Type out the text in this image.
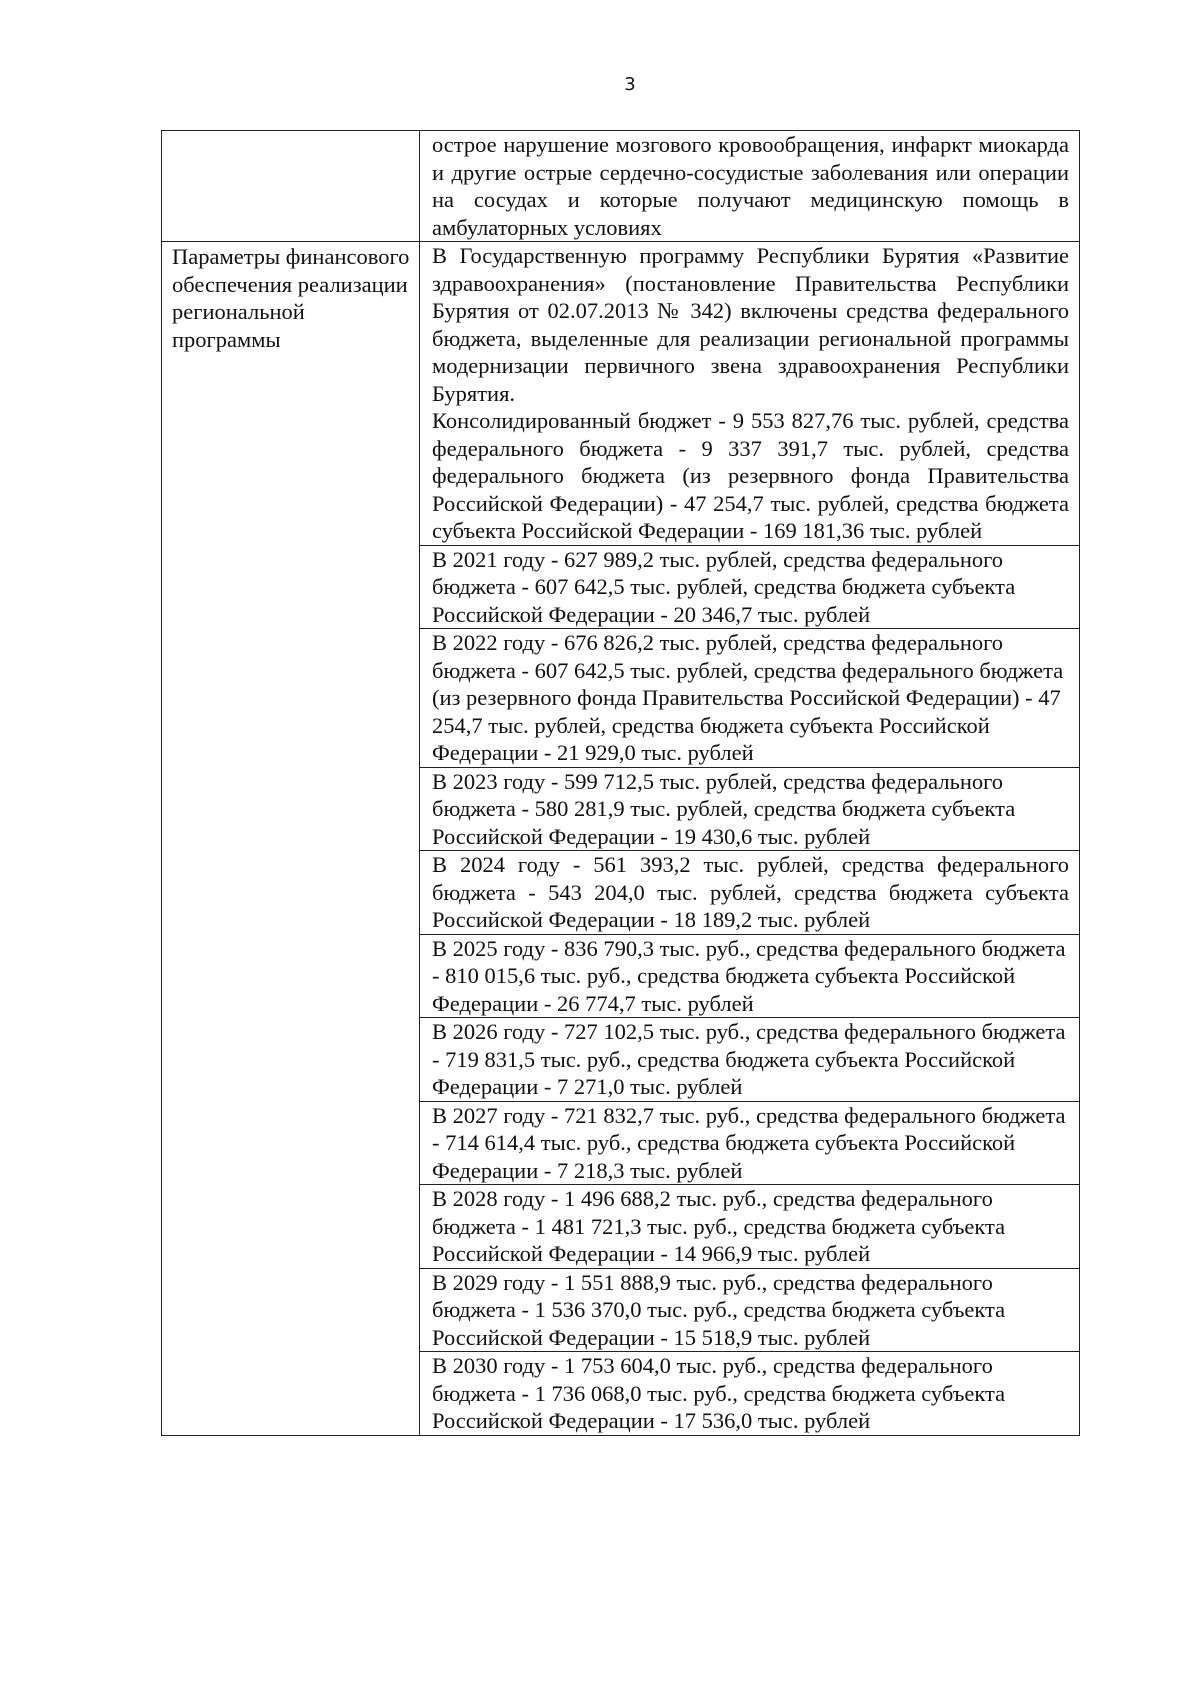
3

	острое нарушение мозгового кровообращения, инфаркт миокарда и другие острые сердечно-сосудистые заболевания или операции на сосудах и которые получают медицинскую помощь в амбулаторных условиях

Параметры финансового обеспечения реализации региональной программы	В Государственную программу Республики Бурятия «Развитие здравоохранения» (постановление Правительства Республики Бурятия от 02.07.2013 № 342) включены средства федерального бюджета, выделенные для реализации региональной программы модернизации первичного звена здравоохранения Республики Бурятия.

Консолидированный бюджет - 9 553 827,76 тыс. рублей, средства федерального бюджета - 9 337 391,7 тыс. рублей, средства федерального бюджета (из резервного фонда Правительства Российской Федерации) - 47 254,7 тыс. рублей, средства бюджета субъекта Российской Федерации - 169 181,36 тыс. рублей

	В 2021 году - 627 989,2 тыс. рублей, средства федерального бюджета - 607 642,5 тыс. рублей, средства бюджета субъекта Российской Федерации - 20 346,7 тыс. рублей
	В 2022 году - 676 826,2 тыс. рублей, средства федерального бюджета - 607 642,5 тыс. рублей, средства федерального бюджета (из резервного фонда Правительства Российской Федерации) - 47 254,7 тыс. рублей, средства бюджета субъекта Российской Федерации - 21 929,0 тыс. рублей
	В 2023 году - 599 712,5 тыс. рублей, средства федерального бюджета - 580 281,9 тыс. рублей, средства бюджета субъекта Российской Федерации - 19 430,6 тыс. рублей
	В 2024 году - 561 393,2 тыс. рублей, средства федерального бюджета - 543 204,0 тыс. рублей, средства бюджета субъекта Российской Федерации - 18 189,2 тыс. рублей
	В 2025 году - 836 790,3 тыс. руб., средства федерального бюджета - 810 015,6 тыс. руб., средства бюджета субъекта Российской Федерации - 26 774,7 тыс. рублей
	В 2026 году - 727 102,5 тыс. руб., средства федерального бюджета - 719 831,5 тыс. руб., средства бюджета субъекта Российской Федерации - 7 271,0 тыс. рублей
	В 2027 году - 721 832,7 тыс. руб., средства федерального бюджета - 714 614,4 тыс. руб., средства бюджета субъекта Российской Федерации - 7 218,3 тыс. рублей
	В 2028 году - 1 496 688,2 тыс. руб., средства федерального бюджета - 1 481 721,3 тыс. руб., средства бюджета субъекта Российской Федерации - 14 966,9 тыс. рублей
	В 2029 году - 1 551 888,9 тыс. руб., средства федерального бюджета - 1 536 370,0 тыс. руб., средства бюджета субъекта Российской Федерации - 15 518,9 тыс. рублей
	В 2030 году - 1 753 604,0 тыс. руб., средства федерального бюджета - 1 736 068,0 тыс. руб., средства бюджета субъекта Российской Федерации - 17 536,0 тыс. рублей
